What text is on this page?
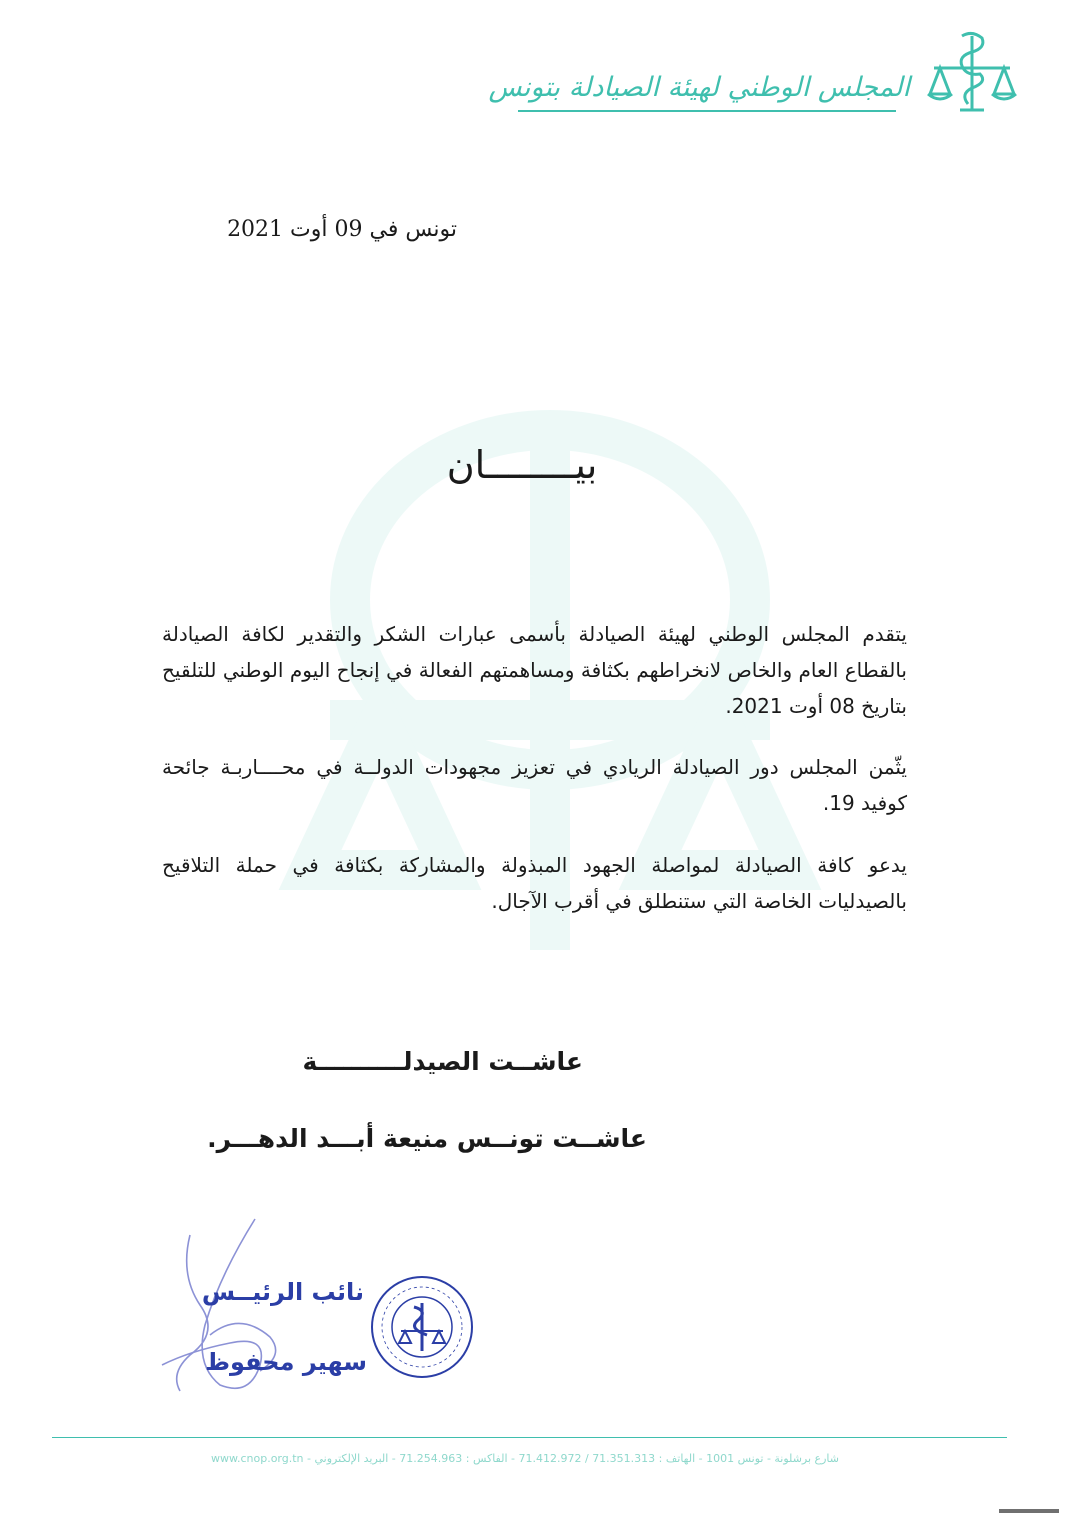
المجلس الوطني لهيئة الصيادلة بتونس
تونس في 09 أوت 2021
بيــــــــان
يتقدم المجلس الوطني لهيئة الصيادلة بأسمى عبارات الشكر والتقدير لكافة الصيادلة بالقطاع العام والخاص لانخراطهم بكثافة ومساهمتهم الفعالة في إنجاح اليوم الوطني للتلقيح بتاريخ 08 أوت 2021.
يثّمن المجلس دور الصيادلة الريادي في تعزيز مجهودات الدولــة في محــــاربـة جائحة كوفيد 19.
يدعو كافة الصيادلة لمواصلة الجهود المبذولة والمشاركة بكثافة في حملة التلاقيح بالصيدليات الخاصة التي ستنطلق في أقرب الآجال.
عاشــت الصيدلــــــــــة
عاشــت تونــس منيعة أبـــد الدهـــر.
نائب الرئيــس
سهير محفوظ
شارع برشلونة - تونس 1001 - الهاتف : 71.351.313 / 71.412.972 - الفاكس : 71.254.963 - البريد الإلكتروني - www.cnop.org.tn
